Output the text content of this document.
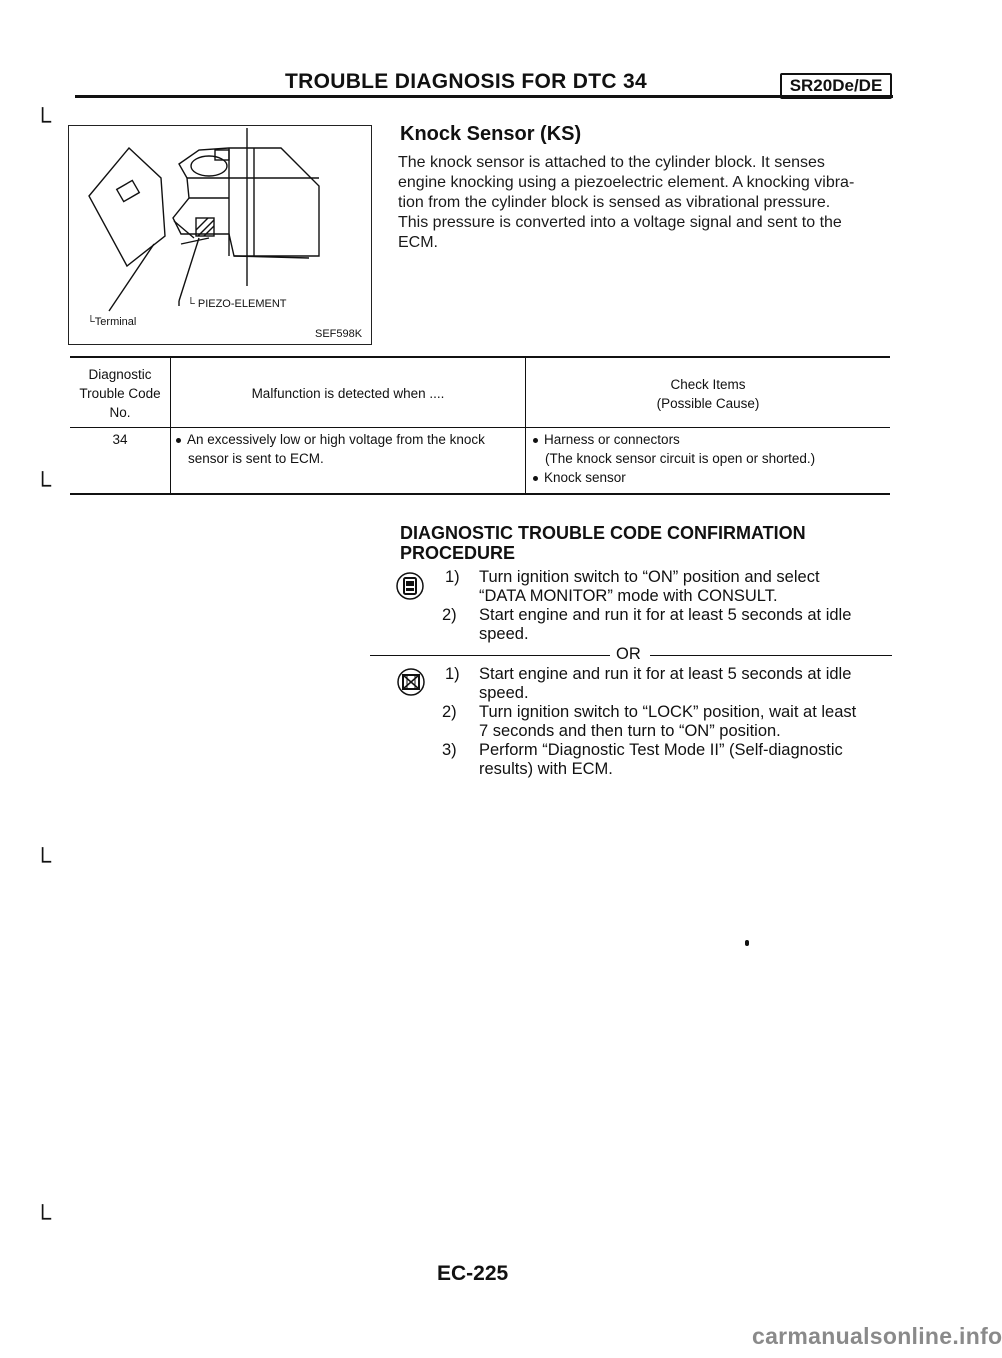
TROUBLE DIAGNOSIS FOR DTC 34	SR20De/DE
└
└
└
└
└ PIEZO-ELEMENT
└Terminal
SEF598K
Knock Sensor (KS)
The knock sensor is attached to the cylinder block. It senses
engine knocking using a piezoelectric element. A knocking vibra-
tion from the cylinder block is sensed as vibrational pressure.
This pressure is converted into a voltage signal and sent to the
ECM.
Diagnostic
Trouble Code
No.
Malfunction is detected when ....
Check Items
(Possible Cause)
34	An excessively low or high voltage from the knock
sensor is sent to ECM.
Harness or connectors
(The knock sensor circuit is open or shorted.)
Knock sensor
DIAGNOSTIC TROUBLE CODE CONFIRMATION
PROCEDURE
1) Turn ignition switch to “ON” position and select
“DATA MONITOR” mode with CONSULT.
2) Start engine and run it for at least 5 seconds at idle
speed.
OR
1) Start engine and run it for at least 5 seconds at idle
speed.
2) Turn ignition switch to “LOCK” position, wait at least
7 seconds and then turn to “ON” position.
3) Perform “Diagnostic Test Mode II” (Self-diagnostic
results) with ECM.
EC-225
carmanualsonline.info
